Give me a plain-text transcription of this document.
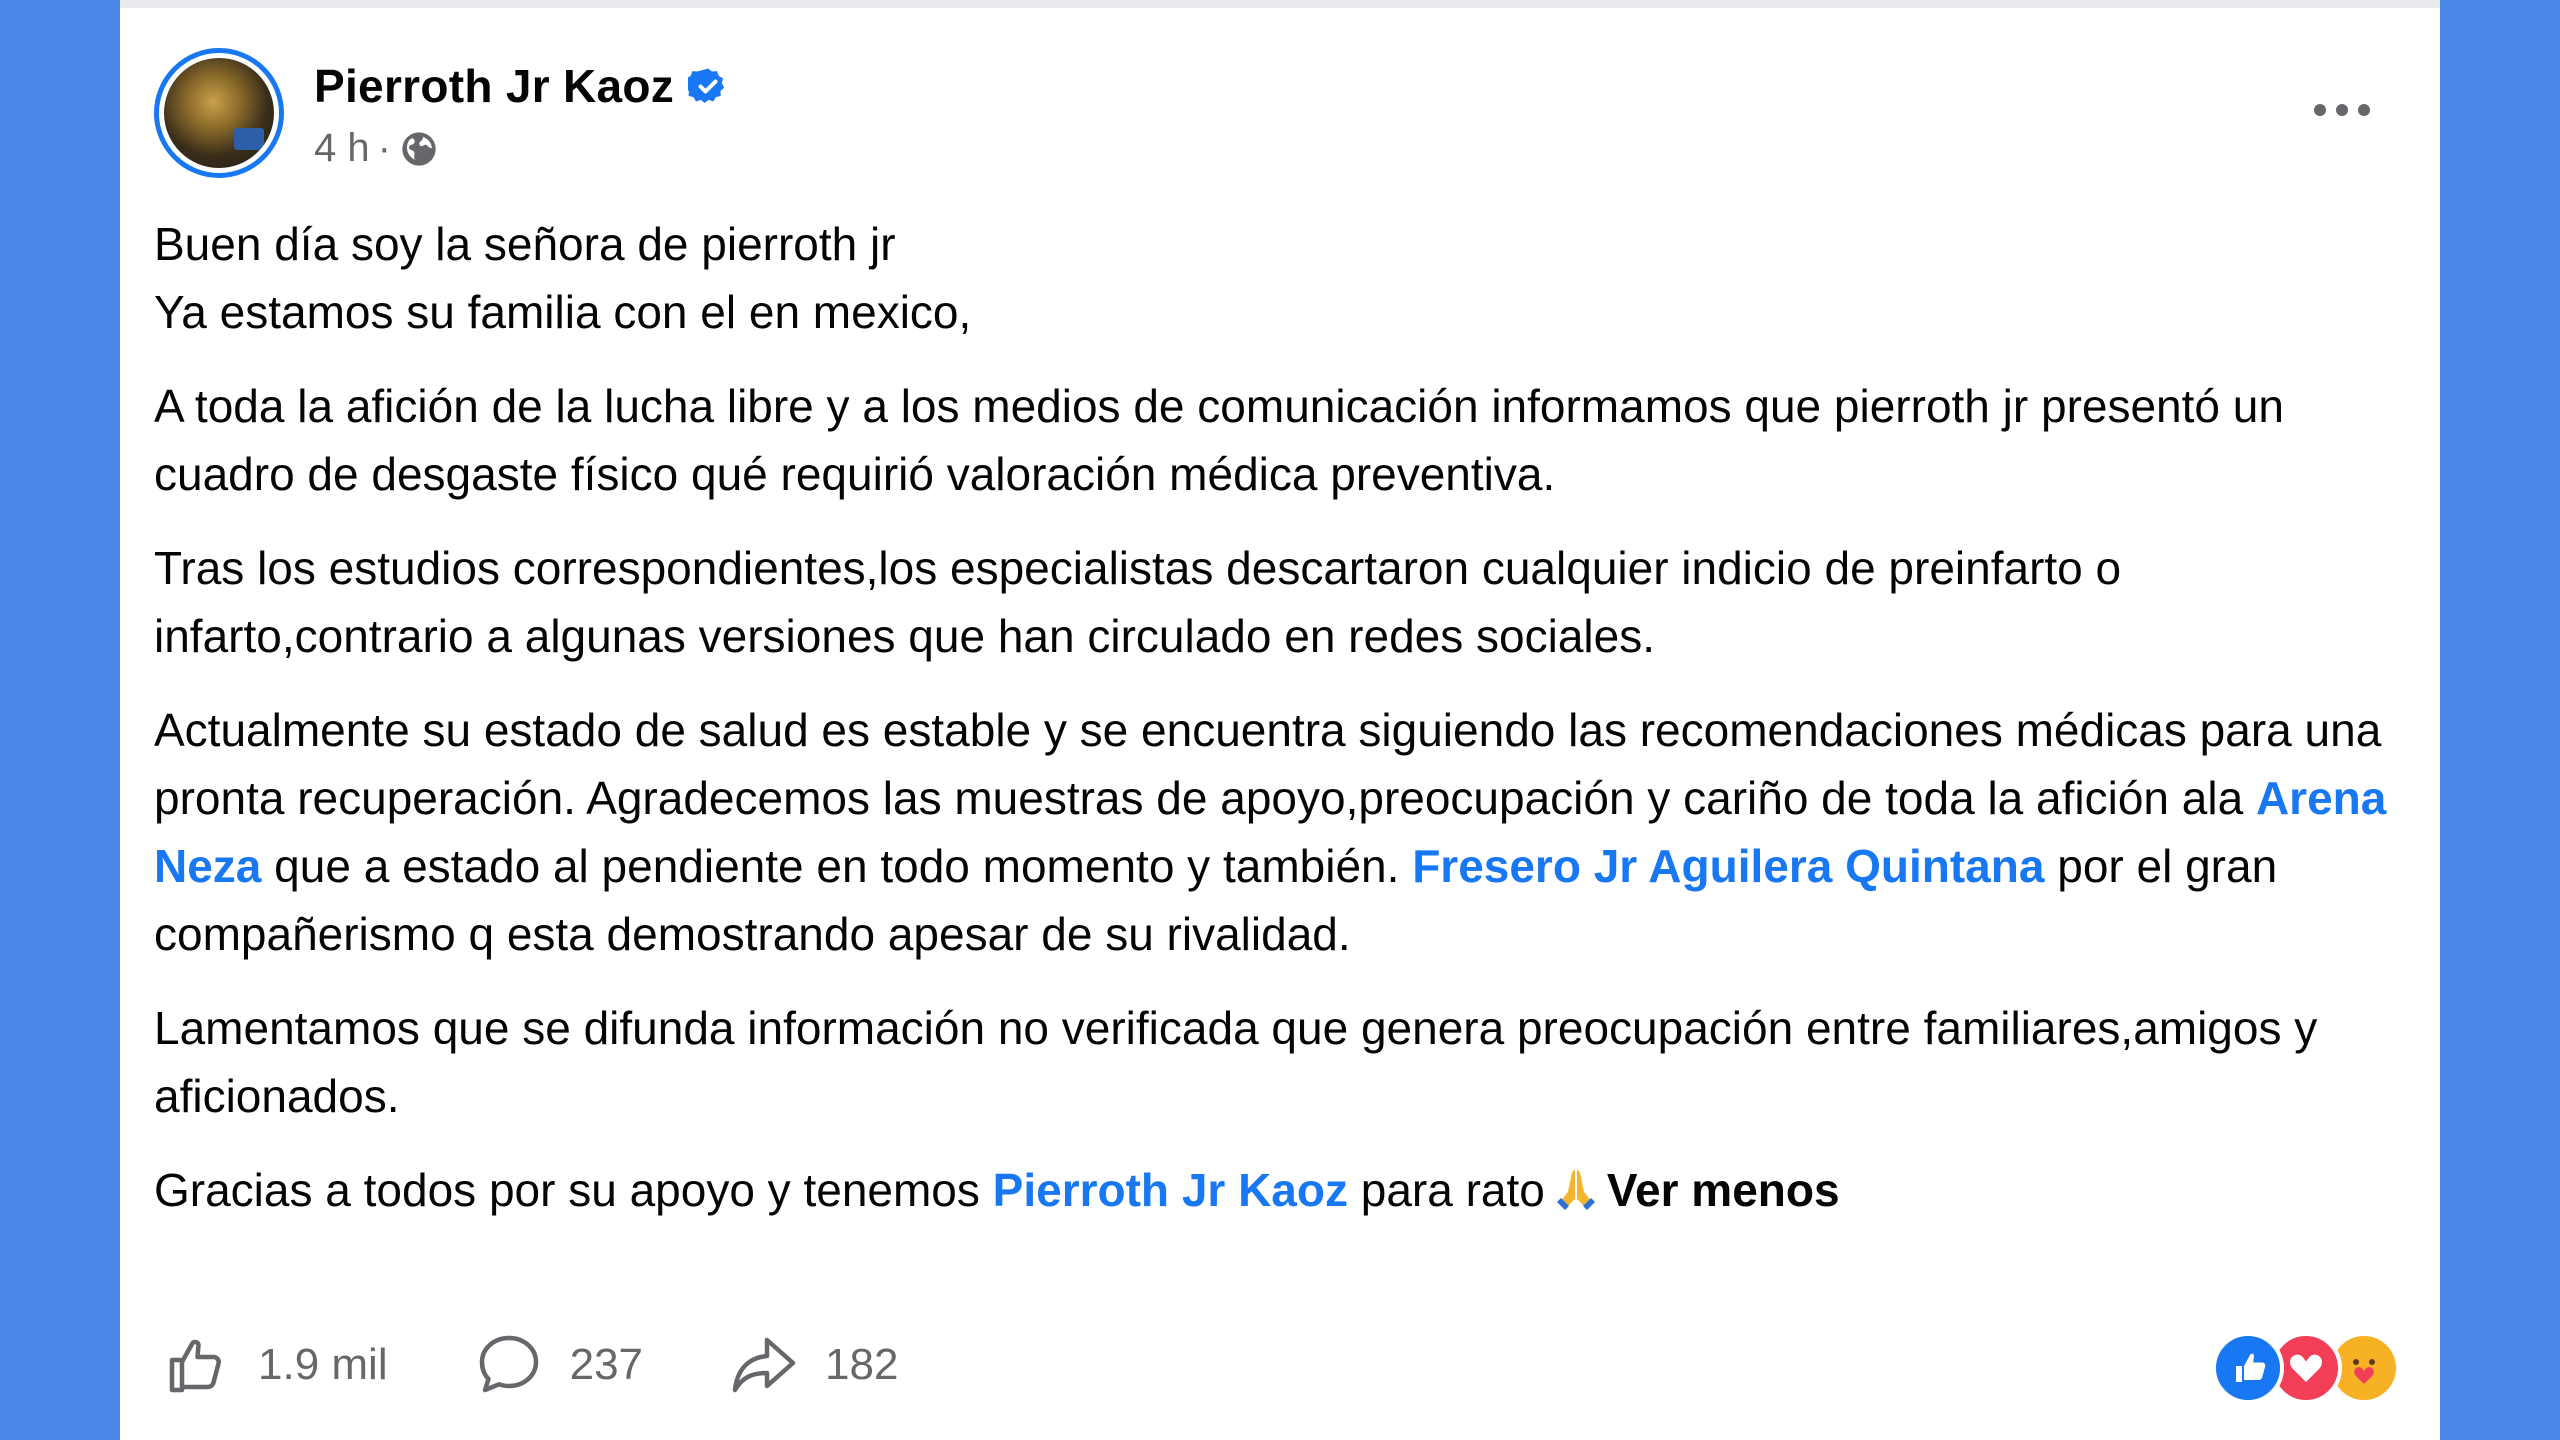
Pierroth Jr Kaoz
4 h ·

Buen día soy la señora de pierroth jr
Ya estamos su familia con el en mexico,

A toda la afición de la lucha libre y a los medios de comunicación informamos que pierroth jr presentó un cuadro de desgaste físico qué requirió valoración médica preventiva.

Tras los estudios correspondientes,los especialistas descartaron cualquier indicio de preinfarto o infarto,contrario a algunas versiones que han circulado en redes sociales.

Actualmente su estado de salud es estable y se encuentra siguiendo las recomendaciones médicas para una pronta recuperación. Agradecemos las muestras de apoyo,preocupación y cariño de toda la afición ala Arena Neza que a estado al pendiente en todo momento y también. Fresero Jr Aguilera Quintana por el gran compañerismo q esta demostrando apesar de su rivalidad.

Lamentamos que se difunda información no verificada que genera preocupación entre familiares,amigos y aficionados.

Gracias a todos por su apoyo y tenemos Pierroth Jr Kaoz para rato Ver menos

1.9 mil	237	182
